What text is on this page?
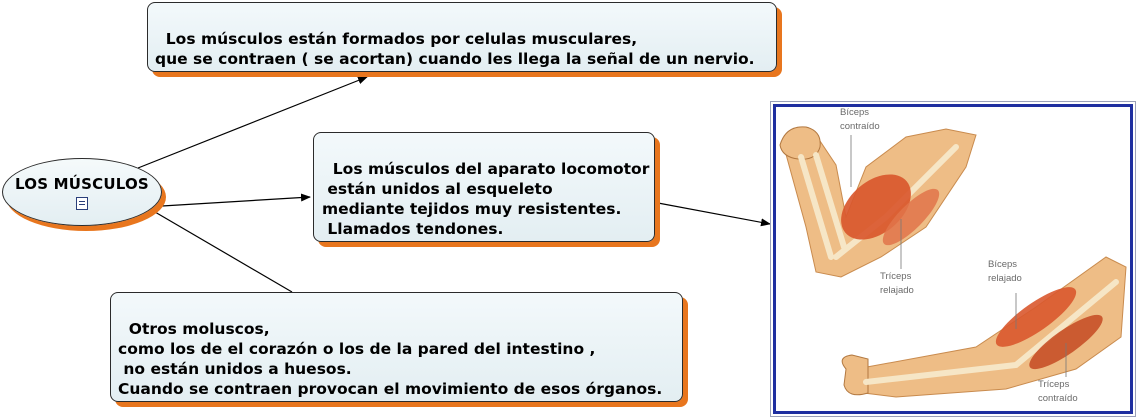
LOS MÚSCULOS

Los músculos están formados por celulas musculares,
que se contraen ( se acortan) cuando les llega la señal de un nervio.

Los músculos del aparato locomotor
están unidos al esqueleto
mediante tejidos muy resistentes.
Llamados tendones.

Otros moluscos,
como los de el corazón o los de la pared del intestino ,
no están unidos a huesos.
Cuando se contraen provocan el movimiento de esos órganos.

Bíceps contraído
Tríceps relajado
Bíceps relajado
Tríceps contraído
